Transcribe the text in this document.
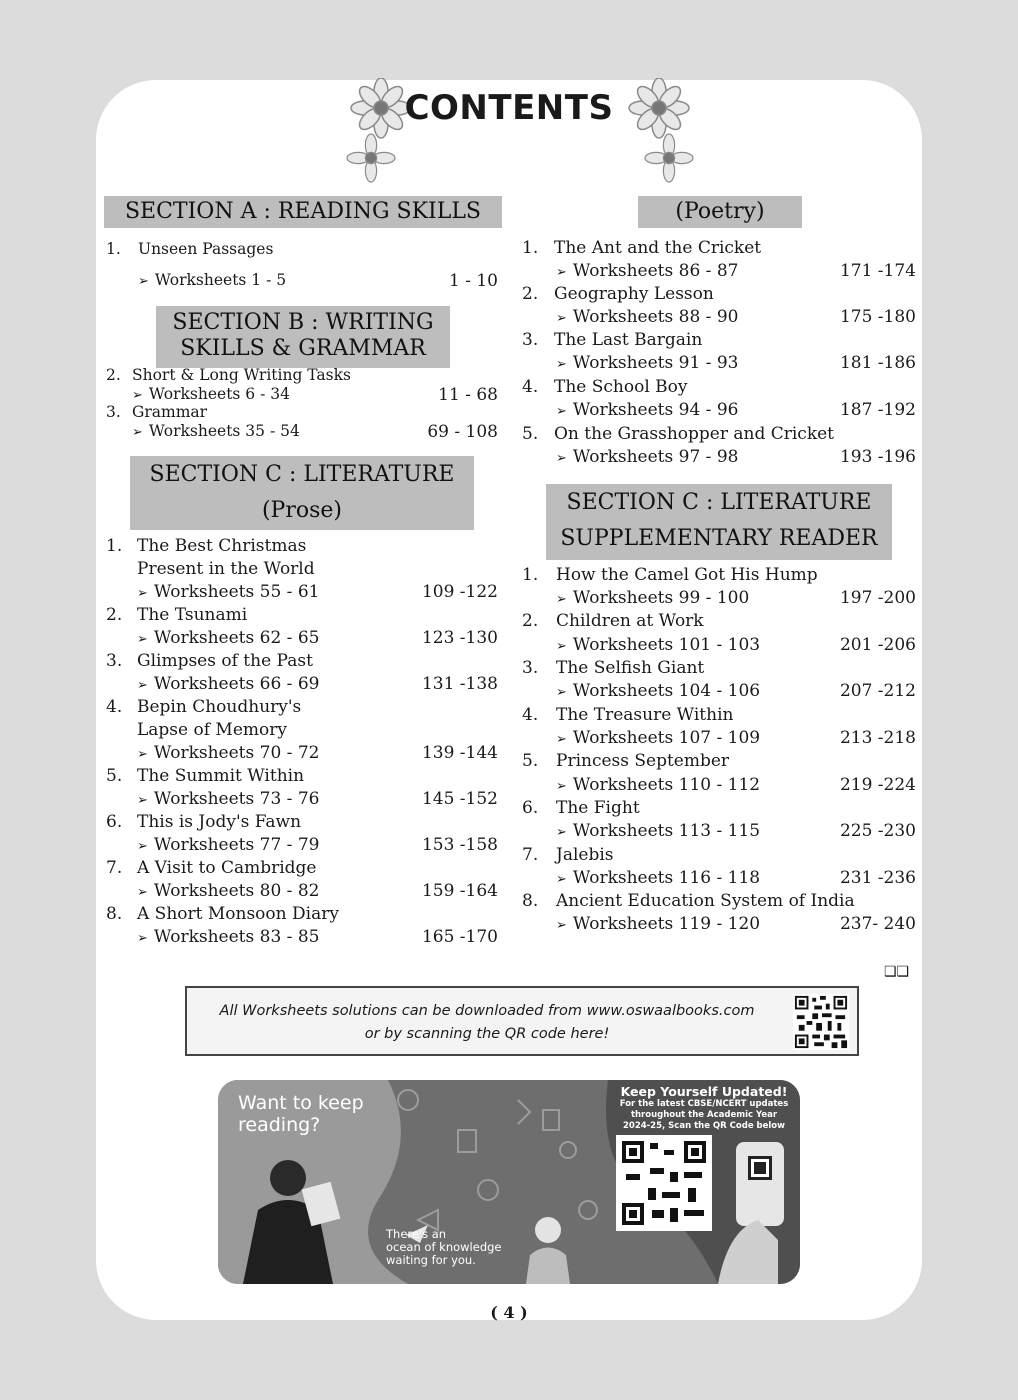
CONTENTS
SECTION A : READING SKILLS
1. Unseen Passages
➢ Worksheets 1 - 5	1 - 10
SECTION B : WRITING
SKILLS & GRAMMAR
2. Short & Long Writing Tasks
➢ Worksheets 6 - 34	11 - 68
3. Grammar
➢ Worksheets 35 - 54	69 - 108
SECTION C : LITERATURE
(Prose)
1. The Best Christmas
Present in the World
➢ Worksheets 55 - 61	109 -122
2. The Tsunami
➢ Worksheets 62 - 65	123 -130
3. Glimpses of the Past
➢ Worksheets 66 - 69	131 -138
4. Bepin Choudhury's
Lapse of Memory
➢ Worksheets 70 - 72	139 -144
5. The Summit Within
➢ Worksheets 73 - 76	145 -152
6. This is Jody's Fawn
➢ Worksheets 77 - 79	153 -158
7. A Visit to Cambridge
➢ Worksheets 80 - 82	159 -164
8. A Short Monsoon Diary
➢ Worksheets 83 - 85	165 -170
(Poetry)
1. The Ant and the Cricket
➢ Worksheets 86 - 87	171 -174
2. Geography Lesson
➢ Worksheets 88 - 90	175 -180
3. The Last Bargain
➢ Worksheets 91 - 93	181 -186
4. The School Boy
➢ Worksheets 94 - 96	187 -192
5. On the Grasshopper and Cricket
➢ Worksheets 97 - 98	193 -196
SECTION C : LITERATURE
SUPPLEMENTARY READER
1. How the Camel Got His Hump
➢ Worksheets 99 - 100	197 -200
2. Children at Work
➢ Worksheets 101 - 103	201 -206
3. The Selfish Giant
➢ Worksheets 104 - 106	207 -212
4. The Treasure Within
➢ Worksheets 107 - 109	213 -218
5. Princess September
➢ Worksheets 110 - 112	219 -224
6. The Fight
➢ Worksheets 113 - 115	225 -230
7. Jalebis
➢ Worksheets 116 - 118	231 -236
8. Ancient Education System of India
➢ Worksheets 119 - 120	237- 240
❑❑
All Worksheets solutions can be downloaded from www.oswaalbooks.com
or by scanning the QR code here!
Want to keep
reading?
There's an
ocean of knowledge
waiting for you.
Keep Yourself Updated!
For the latest CBSE/NCERT updates
throughout the Academic Year
2024-25, Scan the QR Code below
( 4 )
